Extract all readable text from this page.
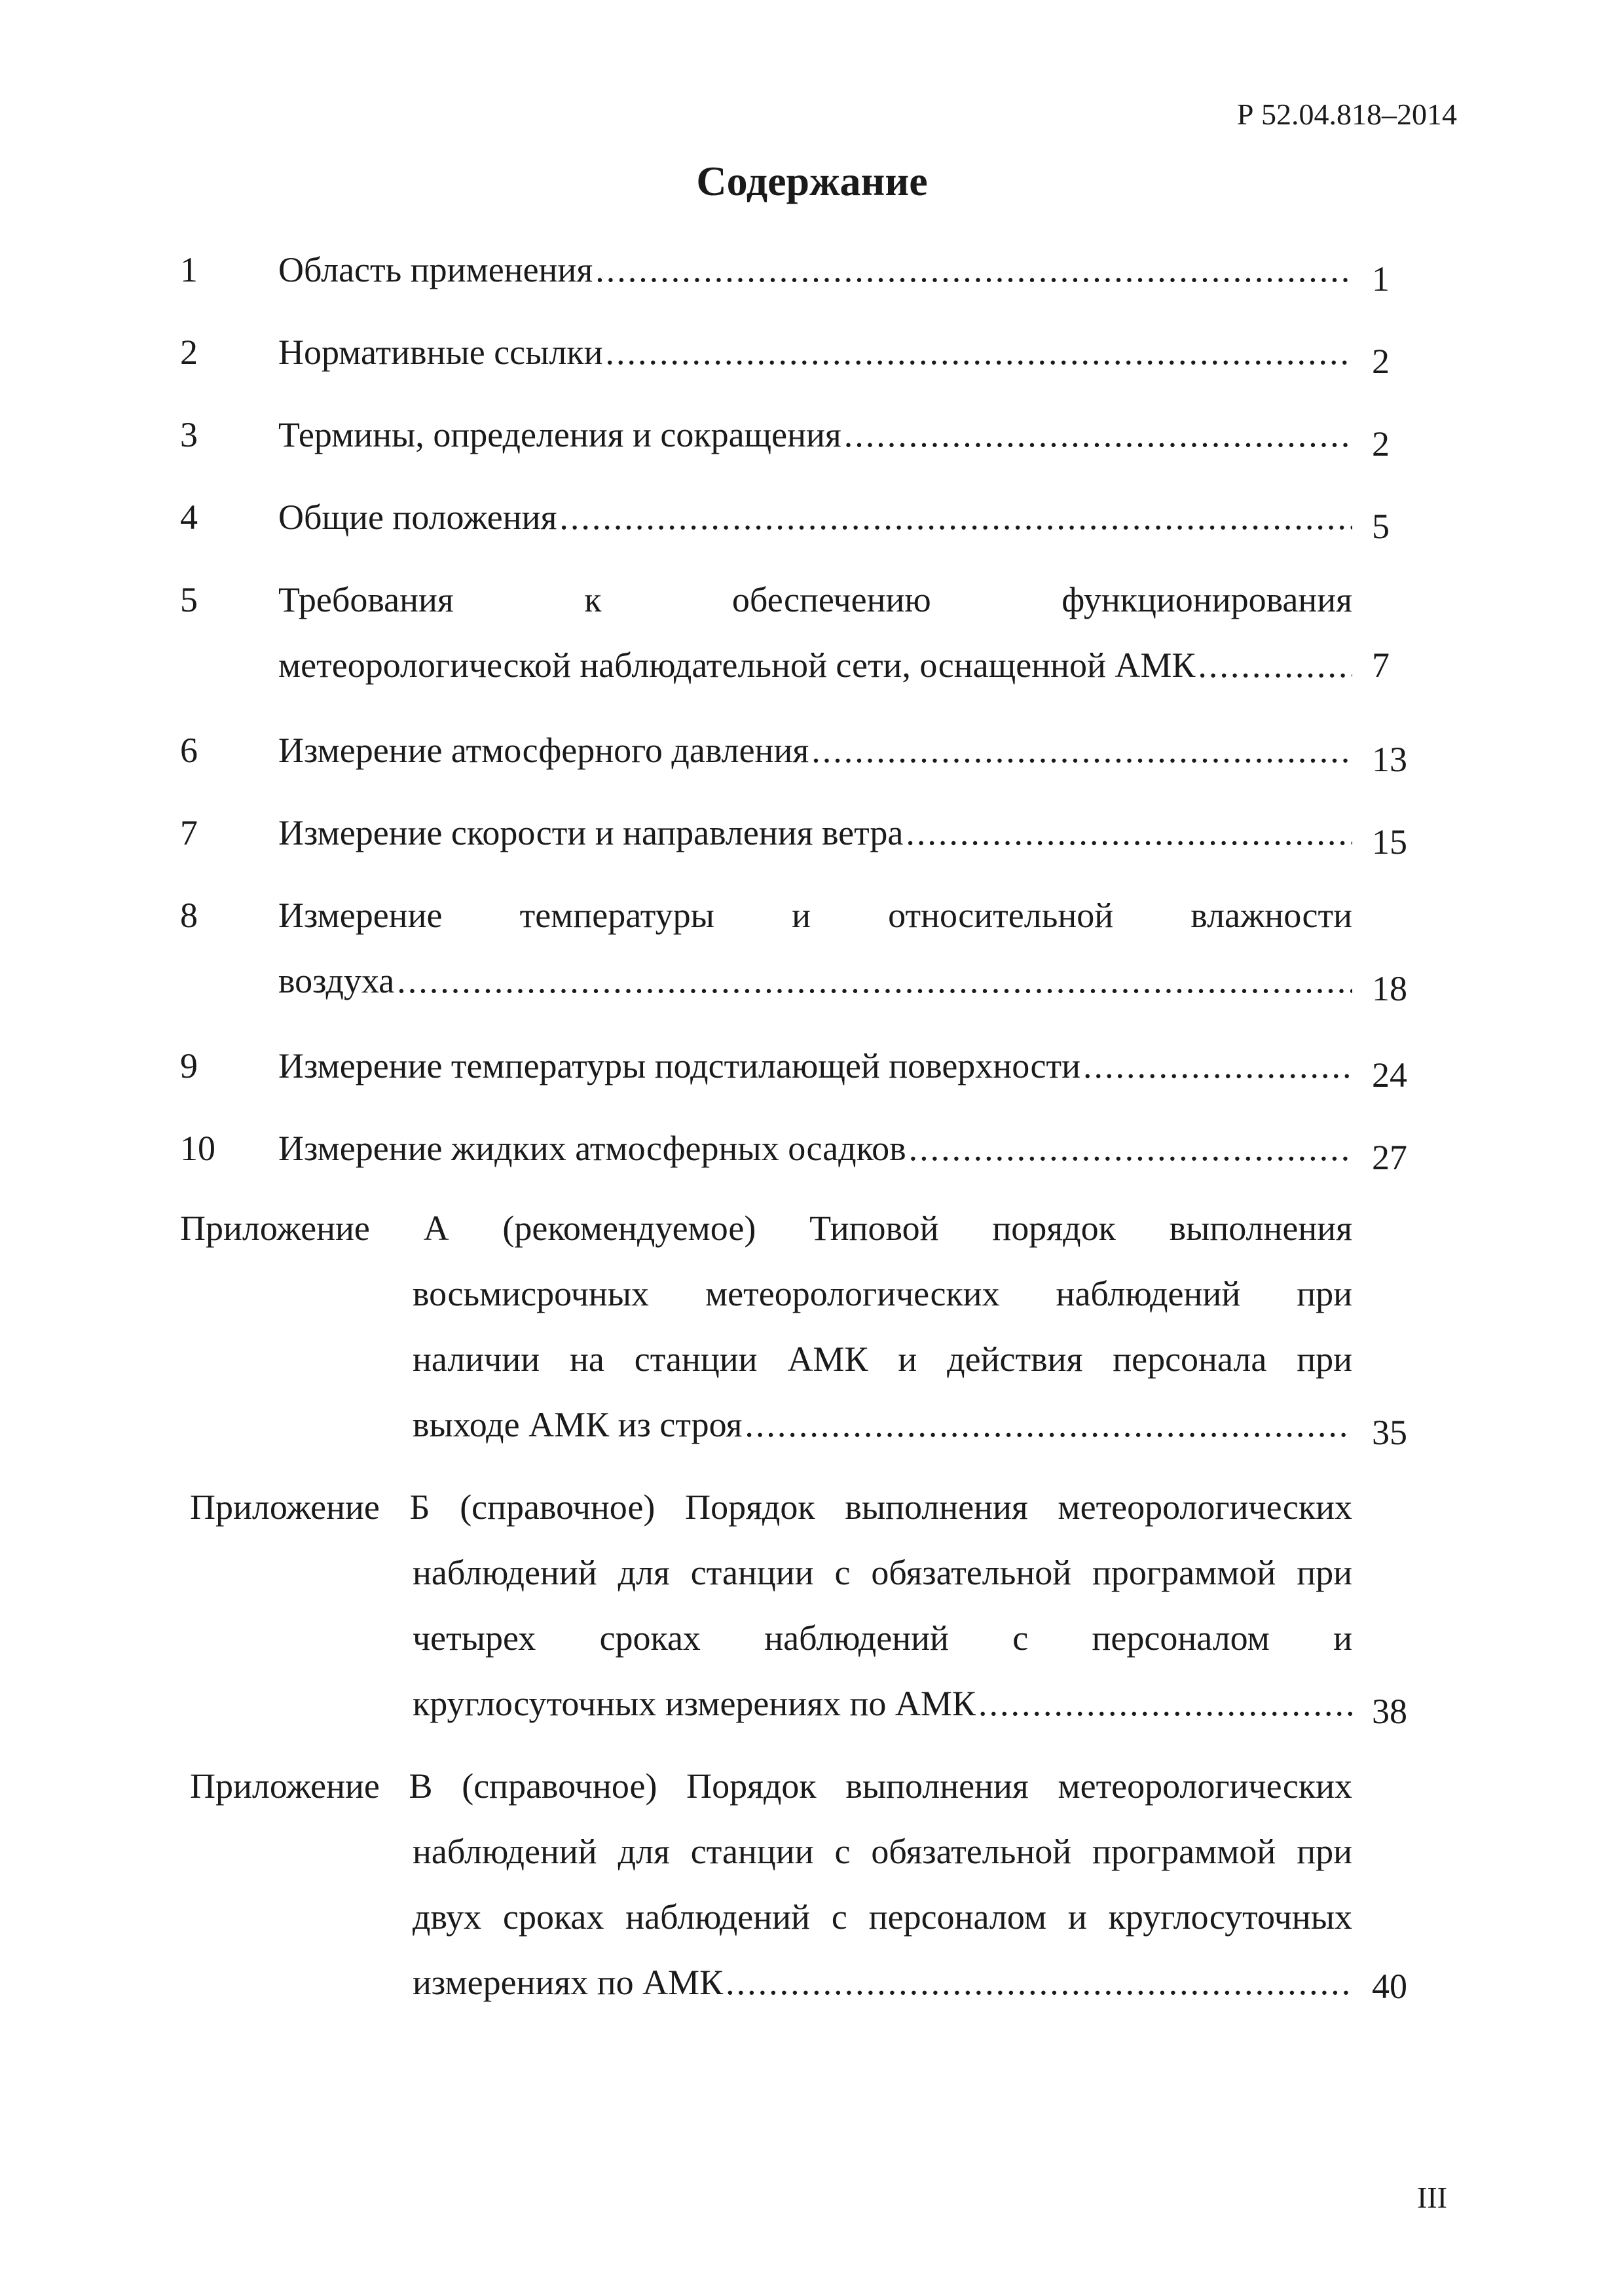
Р 52.04.818–2014
Содержание
1 Область применения .....	1
2 Нормативные ссылки .....	2
3 Термины, определения и сокращения .....	2
4 Общие положения .....	5
5 Требования к обеспечению функционирования
метеорологической наблюдательной сети, оснащенной АМК .....	7
6 Измерение атмосферного давления .....	13
7 Измерение скорости и направления ветра .....	15
8 Измерение температуры и относительной влажности
воздуха .....	18
9 Измерение температуры подстилающей поверхности .....	24
10 Измерение жидких атмосферных осадков .....	27
Приложение А (рекомендуемое) Типовой порядок выполнения
восьмисрочных метеорологических наблюдений при
наличии на станции АМК и действия персонала при
выходе АМК из строя .....	35
Приложение Б (справочное) Порядок выполнения метеорологических
наблюдений для станции с обязательной программой при
четырех сроках наблюдений с персоналом и
круглосуточных измерениях по АМК .....	38
Приложение В (справочное) Порядок выполнения метеорологических
наблюдений для станции с обязательной программой при
двух сроках наблюдений с персоналом и круглосуточных
измерениях по АМК .....	40
III
